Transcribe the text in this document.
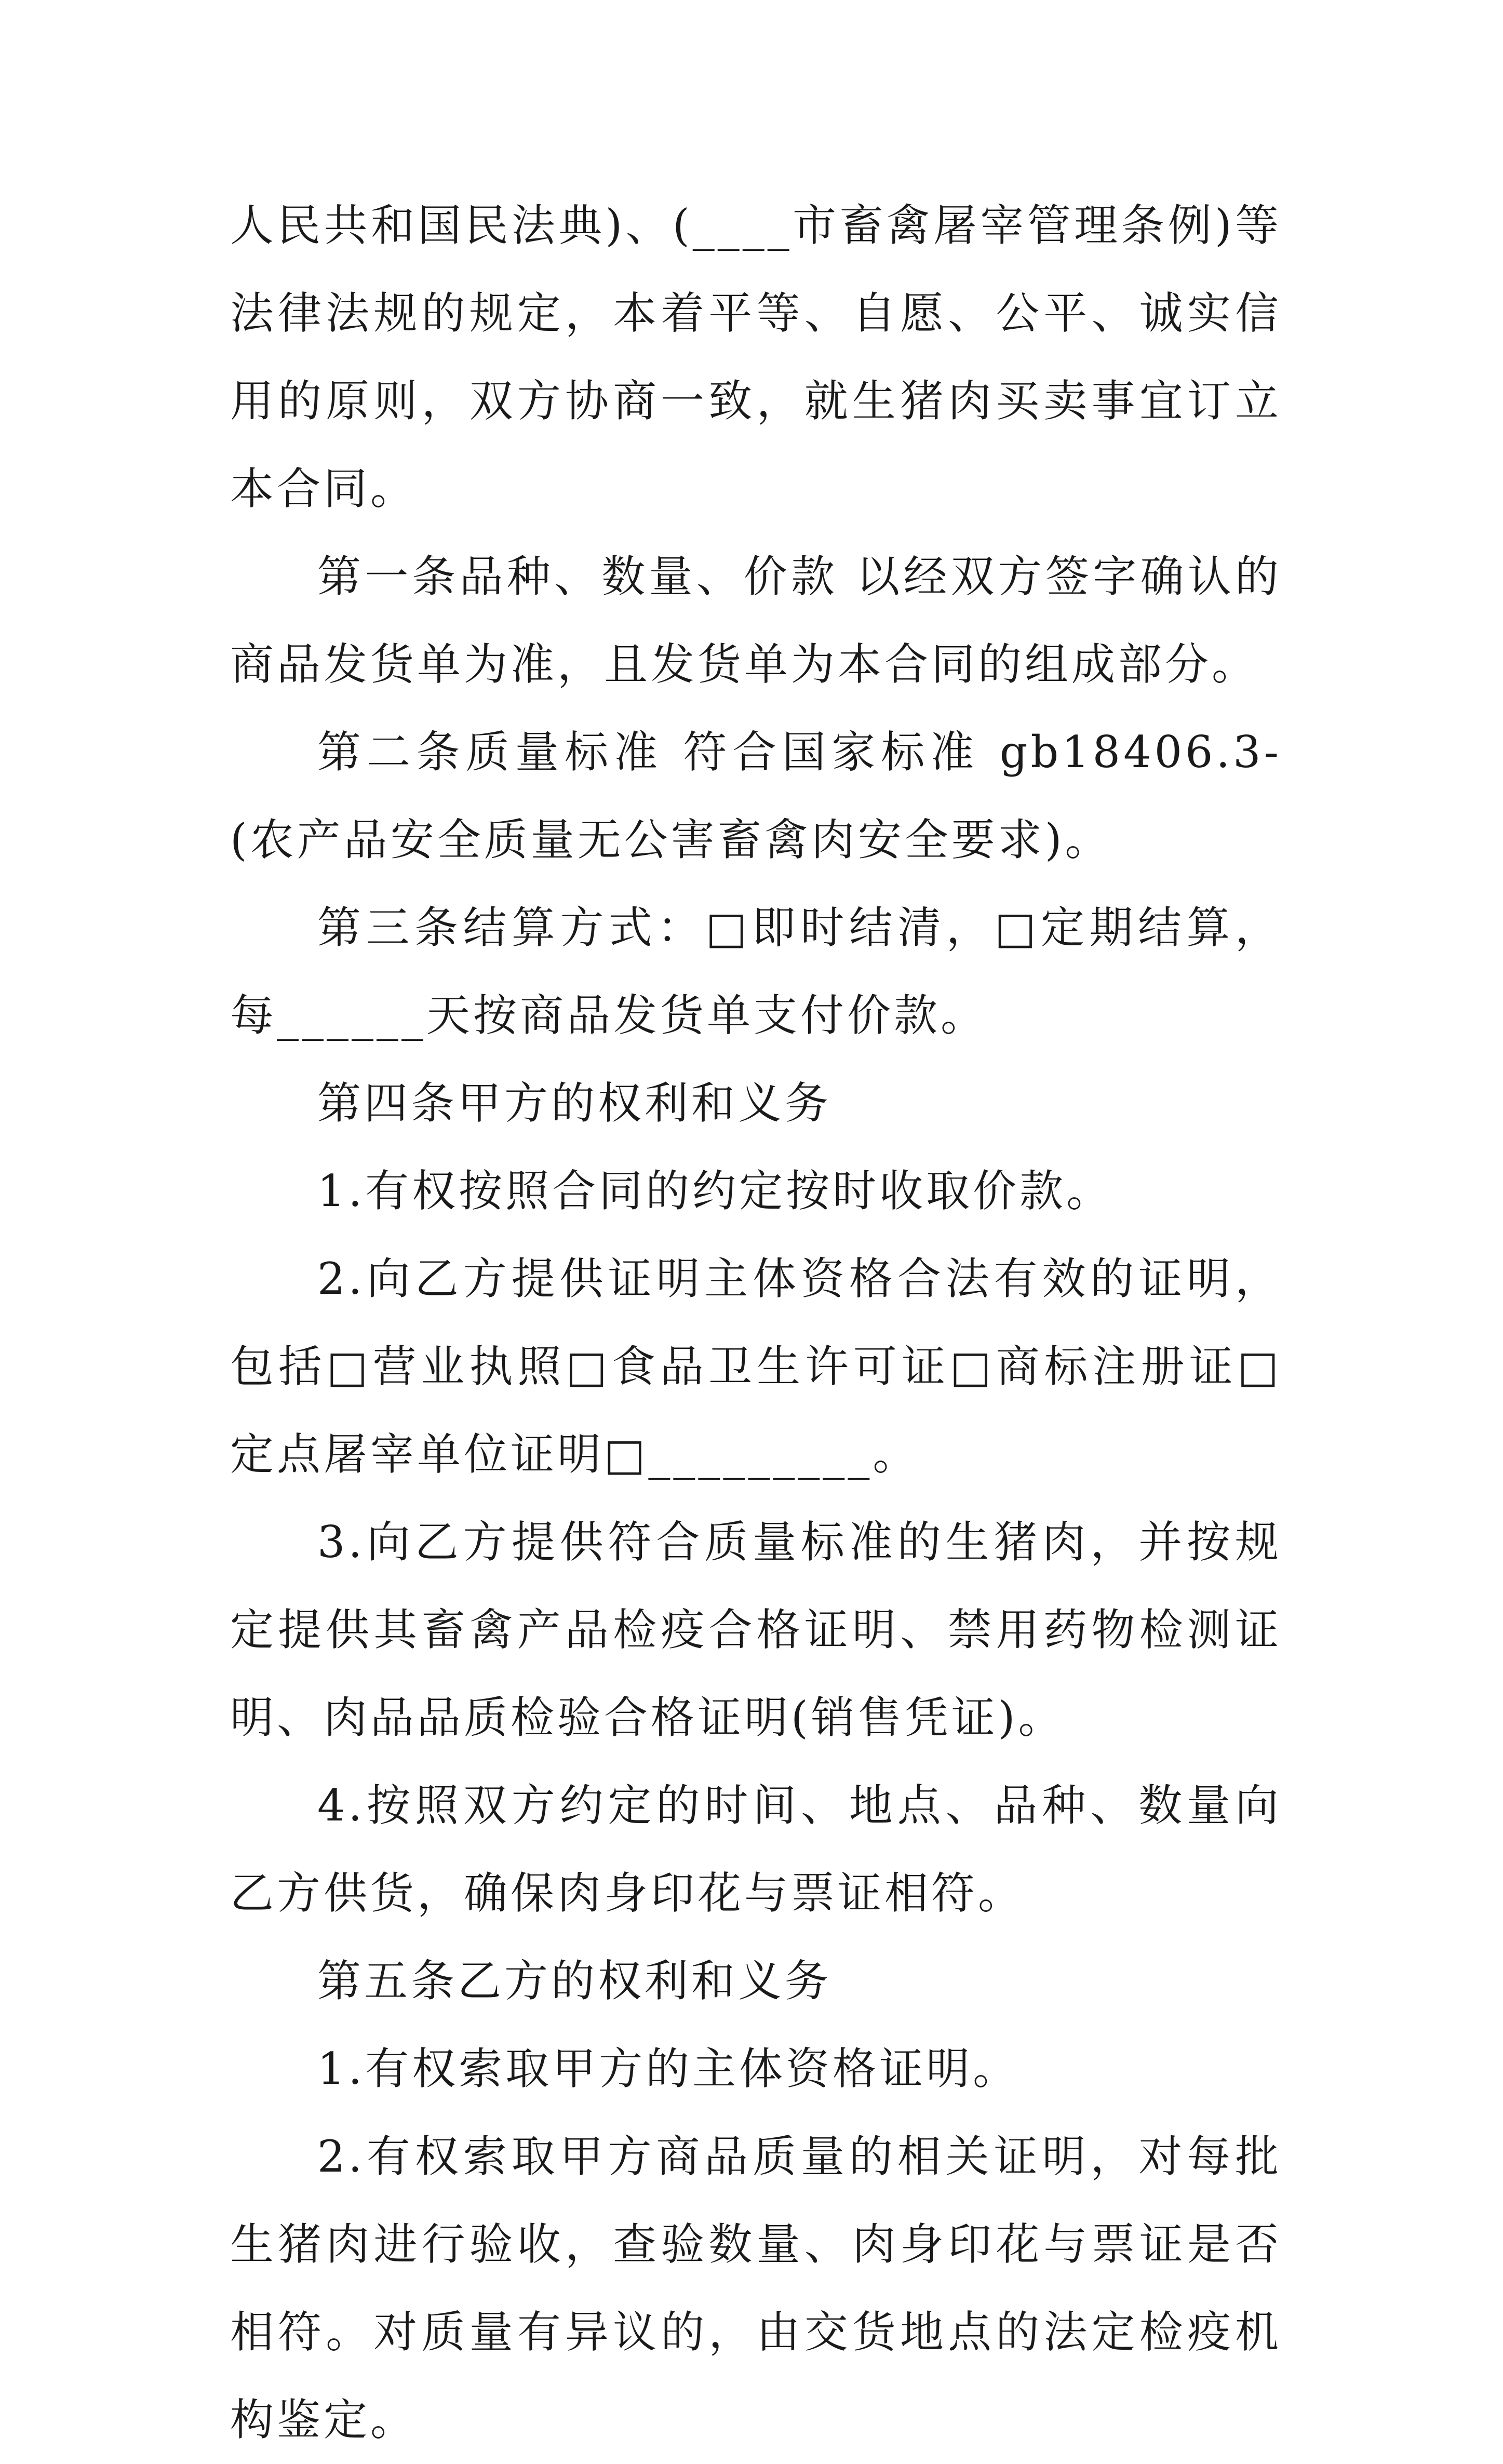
人民共和国民法典)、(____市畜禽屠宰管理条例)等法律法规的规定，本着平等、自愿、公平、诚实信用的原则，双方协商一致，就生猪肉买卖事宜订立本合同。

第一条品种、数量、价款 以经双方签字确认的商品发货单为准，且发货单为本合同的组成部分。

第二条质量标准 符合国家标准 gb18406.3- (农产品安全质量无公害畜禽肉安全要求)。

第三条结算方式：□即时结清，□定期结算，每______天按商品发货单支付价款。

第四条甲方的权利和义务

1.有权按照合同的约定按时收取价款。

2.向乙方提供证明主体资格合法有效的证明，包括□营业执照□食品卫生许可证□商标注册证□定点屠宰单位证明□_________。

3.向乙方提供符合质量标准的生猪肉，并按规定提供其畜禽产品检疫合格证明、禁用药物检测证明、肉品品质检验合格证明(销售凭证)。

4.按照双方约定的时间、地点、品种、数量向乙方供货，确保肉身印花与票证相符。

第五条乙方的权利和义务

1.有权索取甲方的主体资格证明。

2.有权索取甲方商品质量的相关证明，对每批生猪肉进行验收，查验数量、肉身印花与票证是否相符。对质量有异议的，由交货地点的法定检疫机构鉴定。
